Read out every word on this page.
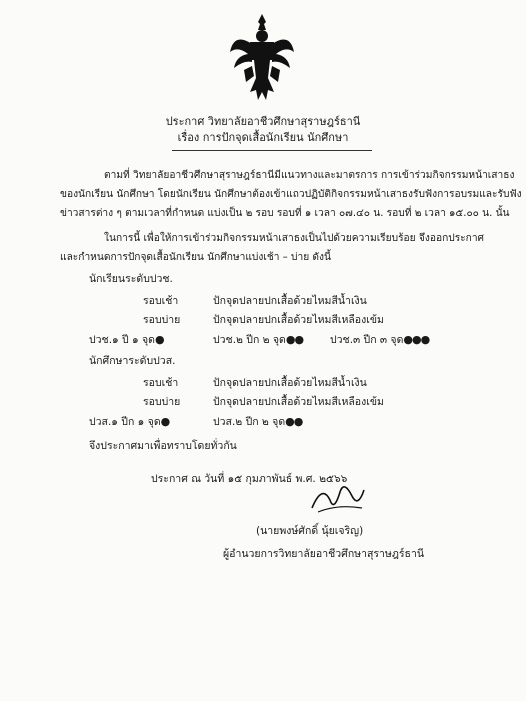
ประกาศ วิทยาลัยอาชีวศึกษาสุราษฎร์ธานี
เรื่อง การปักจุดเสื้อนักเรียน นักศึกษา
ตามที่ วิทยาลัยอาชีวศึกษาสุราษฎร์ธานีมีแนวทางและมาตรการ การเข้าร่วมกิจกรรมหน้าเสาธง
ของนักเรียน นักศึกษา โดยนักเรียน นักศึกษาต้องเข้าแถวปฏิบัติกิจกรรมหน้าเสาธงรับฟังการอบรมและรับฟัง
ข่าวสารต่าง ๆ ตามเวลาที่กำหนด แบ่งเป็น ๒ รอบ รอบที่ ๑ เวลา ๐๗.๔๐ น. รอบที่ ๒ เวลา ๑๕.๐๐ น. นั้น
ในการนี้ เพื่อให้การเข้าร่วมกิจกรรมหน้าเสาธงเป็นไปด้วยความเรียบร้อย จึงออกประกาศ
และกำหนดการปักจุดเสื้อนักเรียน นักศึกษาแบ่งเช้า – บ่าย ดังนี้
นักเรียนระดับปวช.
รอบเช้า	ปักจุดปลายปกเสื้อด้วยไหมสีน้ำเงิน
รอบบ่าย	ปักจุดปลายปกเสื้อด้วยไหมสีเหลืองเข้ม
ปวช.๑ ปี ๑ จุด●	ปวช.๒ ปีก ๒ จุด●●	ปวช.๓ ปีก ๓ จุด●●●
นักศึกษาระดับปวส.
รอบเช้า	ปักจุดปลายปกเสื้อด้วยไหมสีน้ำเงิน
รอบบ่าย	ปักจุดปลายปกเสื้อด้วยไหมสีเหลืองเข้ม
ปวส.๑ ปีก ๑ จุด●	ปวส.๒ ปีก ๒ จุด●●
จึงประกาศมาเพื่อทราบโดยทั่วกัน
ประกาศ ณ วันที่ ๑๕ กุมภาพันธ์ พ.ศ. ๒๕๖๖
(นายพงษ์ศักดิ์ นุ้ยเจริญ)
ผู้อำนวยการวิทยาลัยอาชีวศึกษาสุราษฎร์ธานี
